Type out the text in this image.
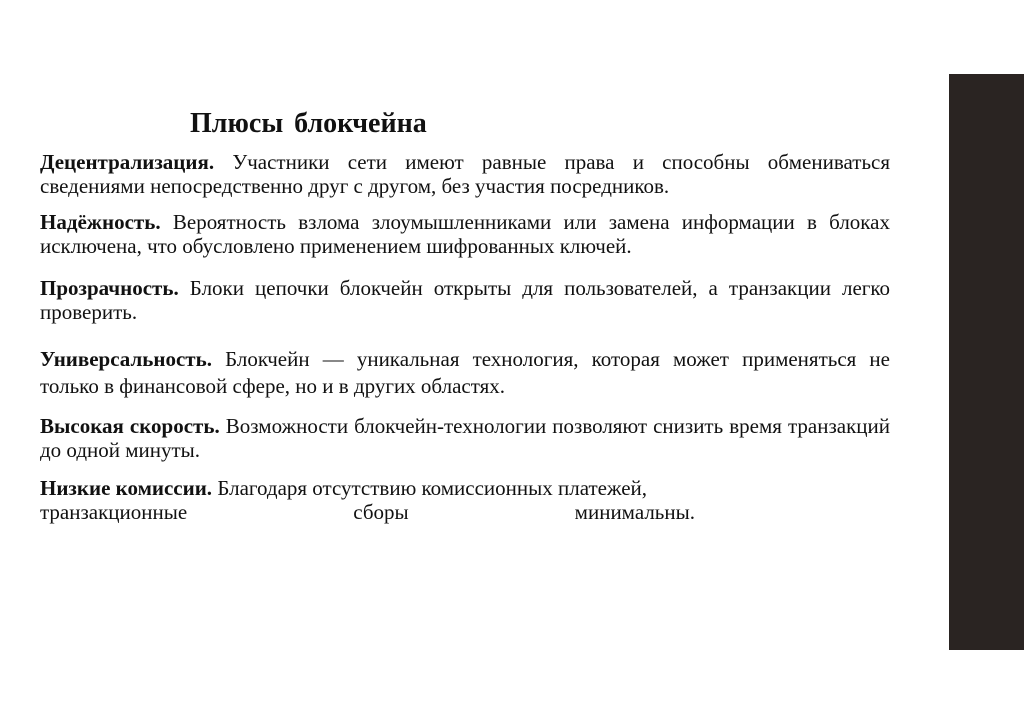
Плюсы блокчейна

Децентрализация. Участники сети имеют равные права и способны обмениваться сведениями непосредственно друг с другом, без участия посредников.

Надёжность. Вероятность взлома злоумышленниками или замена информации в блоках исключена, что обусловлено применением шифрованных ключей.

Прозрачность. Блоки цепочки блокчейн открыты для пользователей, а транзакции легко проверить.

Универсальность. Блокчейн — уникальная технология, которая может применяться не только в финансовой сфере, но и в других областях.

Высокая скорость. Возможности блокчейн-технологии позволяют снизить время транзакций до одной минуты.

Низкие комиссии. Благодаря отсутствию комиссионных платежей,
транзакционные	сборы	минимальны.
